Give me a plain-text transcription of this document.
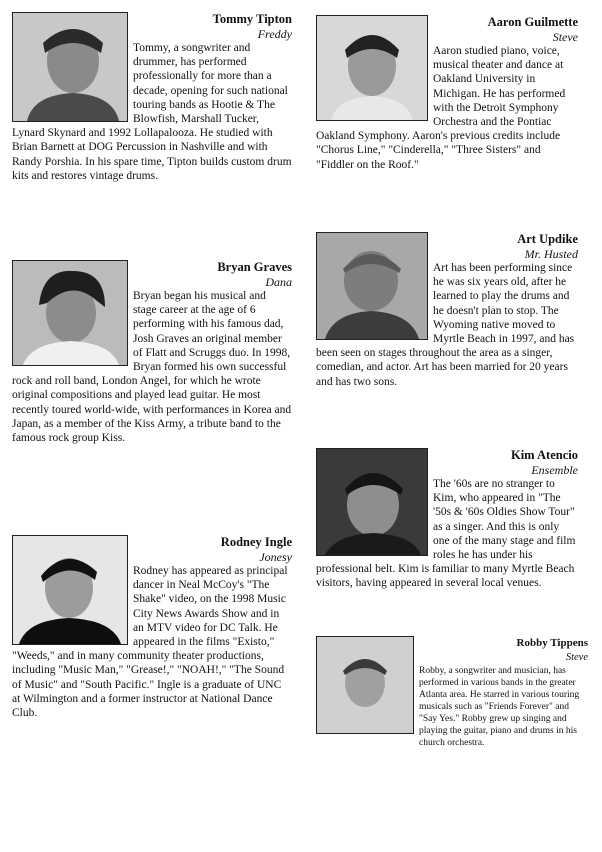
Tommy Tipton
Freddy

Tommy, a songwriter and drummer, has performed professionally for more than a decade, opening for such national touring bands as Hootie & The Blowfish, Marshall Tucker, Lynard Skynard and 1992 Lollapalooza. He studied with Brian Barnett at DOG Percussion in Nashville and with Randy Porshia. In his spare time, Tipton builds custom drum kits and restores vintage drums.

Aaron Guilmette
Steve

Aaron studied piano, voice, musical theater and dance at Oakland University in Michigan. He has performed with the Detroit Symphony Orchestra and the Pontiac Oakland Symphony. Aaron's previous credits include "Chorus Line," "Cinderella," "Three Sisters" and "Fiddler on the Roof."

Bryan Graves
Dana

Bryan began his musical and stage career at the age of 6 performing with his famous dad, Josh Graves an original member of Flatt and Scruggs duo. In 1998, Bryan formed his own successful rock and roll band, London Angel, for which he wrote original compositions and played lead guitar. He most recently toured world-wide, with performances in Korea and Japan, as a member of the Kiss Army, a tribute band to the famous rock group Kiss.

Art Updike
Mr. Husted

Art has been performing since he was six years old, after he learned to play the drums and he doesn't plan to stop. The Wyoming native moved to Myrtle Beach in 1997, and has been seen on stages throughout the area as a singer, comedian, and actor. Art has been married for 20 years and has two sons.

Kim Atencio
Ensemble

The '60s are no stranger to Kim, who appeared in "The '50s & '60s Oldies Show Tour" as a singer. And this is only one of the many stage and film roles he has under his professional belt. Kim is familiar to many Myrtle Beach visitors, having appeared in several local venues.

Rodney Ingle
Jonesy

Rodney has appeared as principal dancer in Neal McCoy's "The Shake" video, on the 1998 Music City News Awards Show and in an MTV video for DC Talk. He appeared in the films "Existo," "Weeds," and in many community theater productions, including "Music Man," "Grease!," "NOAH!," "The Sound of Music" and "South Pacific." Ingle is a graduate of UNC at Wilmington and a former instructor at National Dance Club.

Robby Tippens
Steve

Robby, a songwriter and musician, has performed in various bands in the greater Atlanta area. He starred in various touring musicals such as "Friends Forever" and "Say Yes." Robby grew up singing and playing the guitar, piano and drums in his church orchestra.
